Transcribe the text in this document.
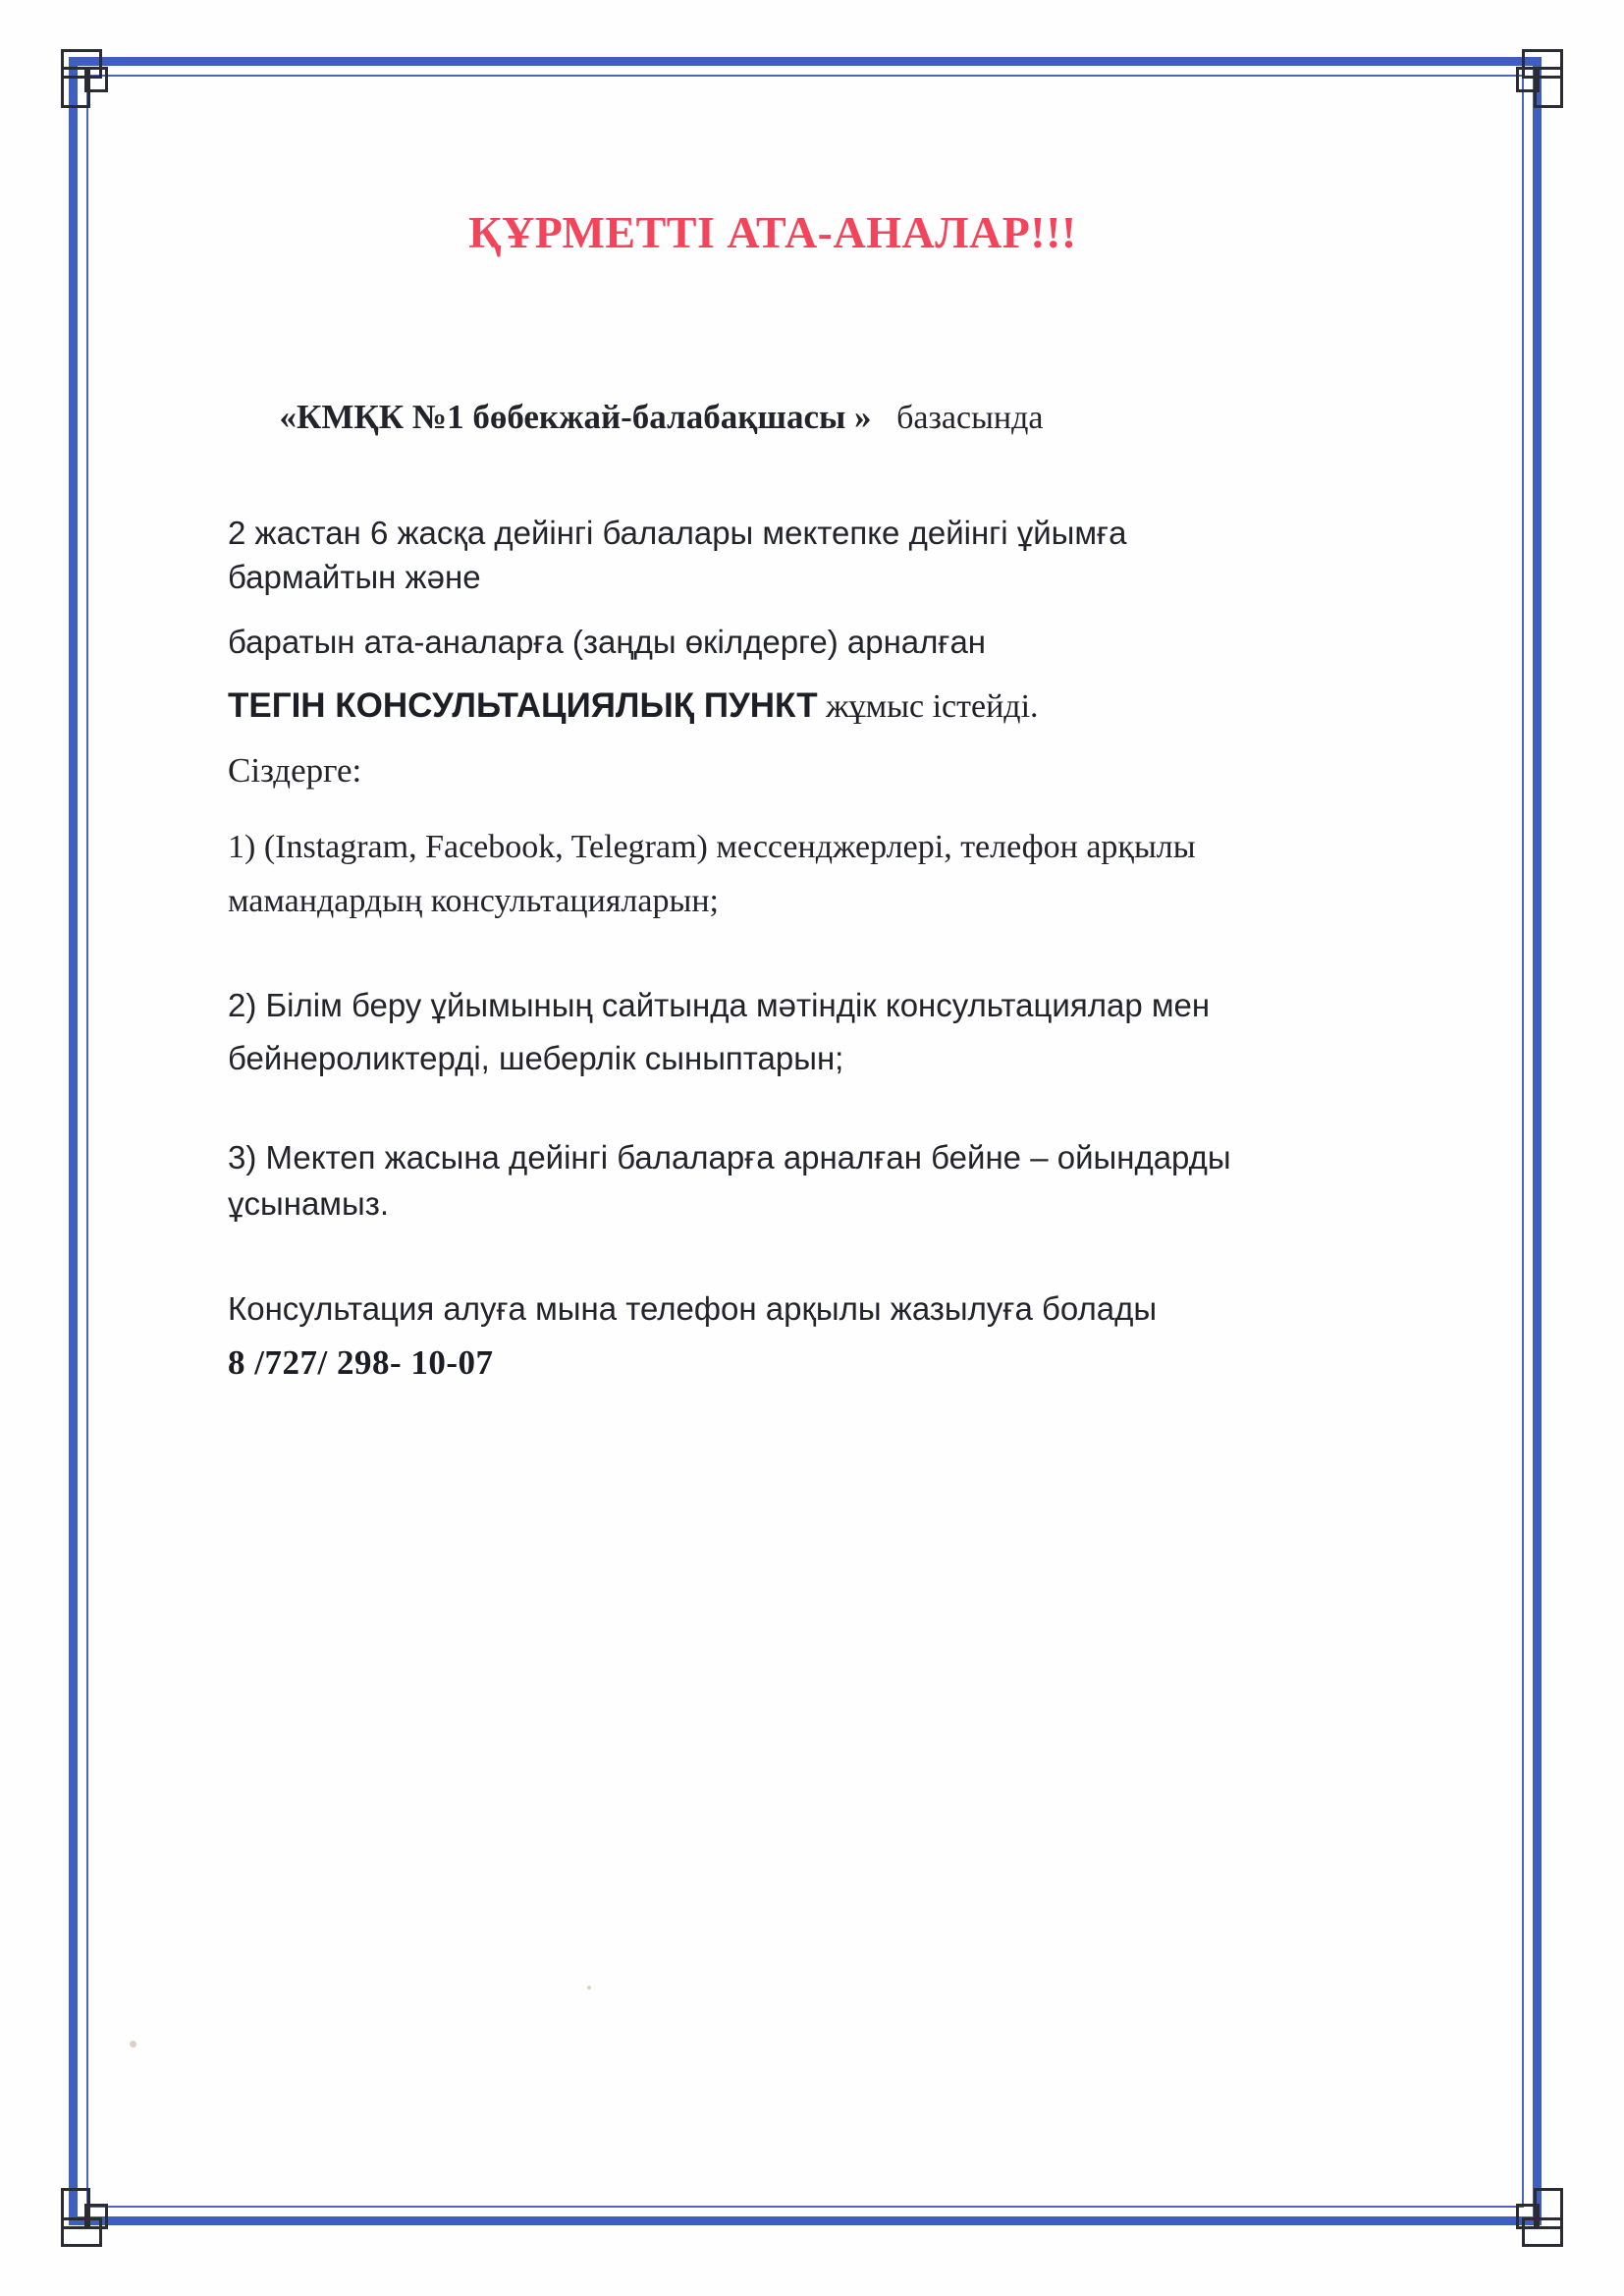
ҚҰРМЕТТІ АТА-АНАЛАР!!!

«КМҚК №1 бөбекжай-балабақшасы »   базасында

2 жастан 6 жасқа дейінгі балалары мектепке дейінгі ұйымға
бармайтын және

баратын ата-аналарға (заңды өкілдерге) арналған

ТЕГІН КОНСУЛЬТАЦИЯЛЫҚ ПУНКТ жұмыс істейді.

Сіздерге:

1) (Instagram, Facebook, Telegram) мессенджерлері, телефон арқылы
мамандардың консультацияларын;

2) Білім беру ұйымының сайтында мәтіндік консультациялар мен
бейнероликтерді, шеберлік сыныптарын;

3) Мектеп жасына дейінгі балаларға арналған бейне – ойындарды
ұсынамыз.

Консультация алуға мына телефон арқылы жазылуға болады

8 /727/ 298- 10-07
